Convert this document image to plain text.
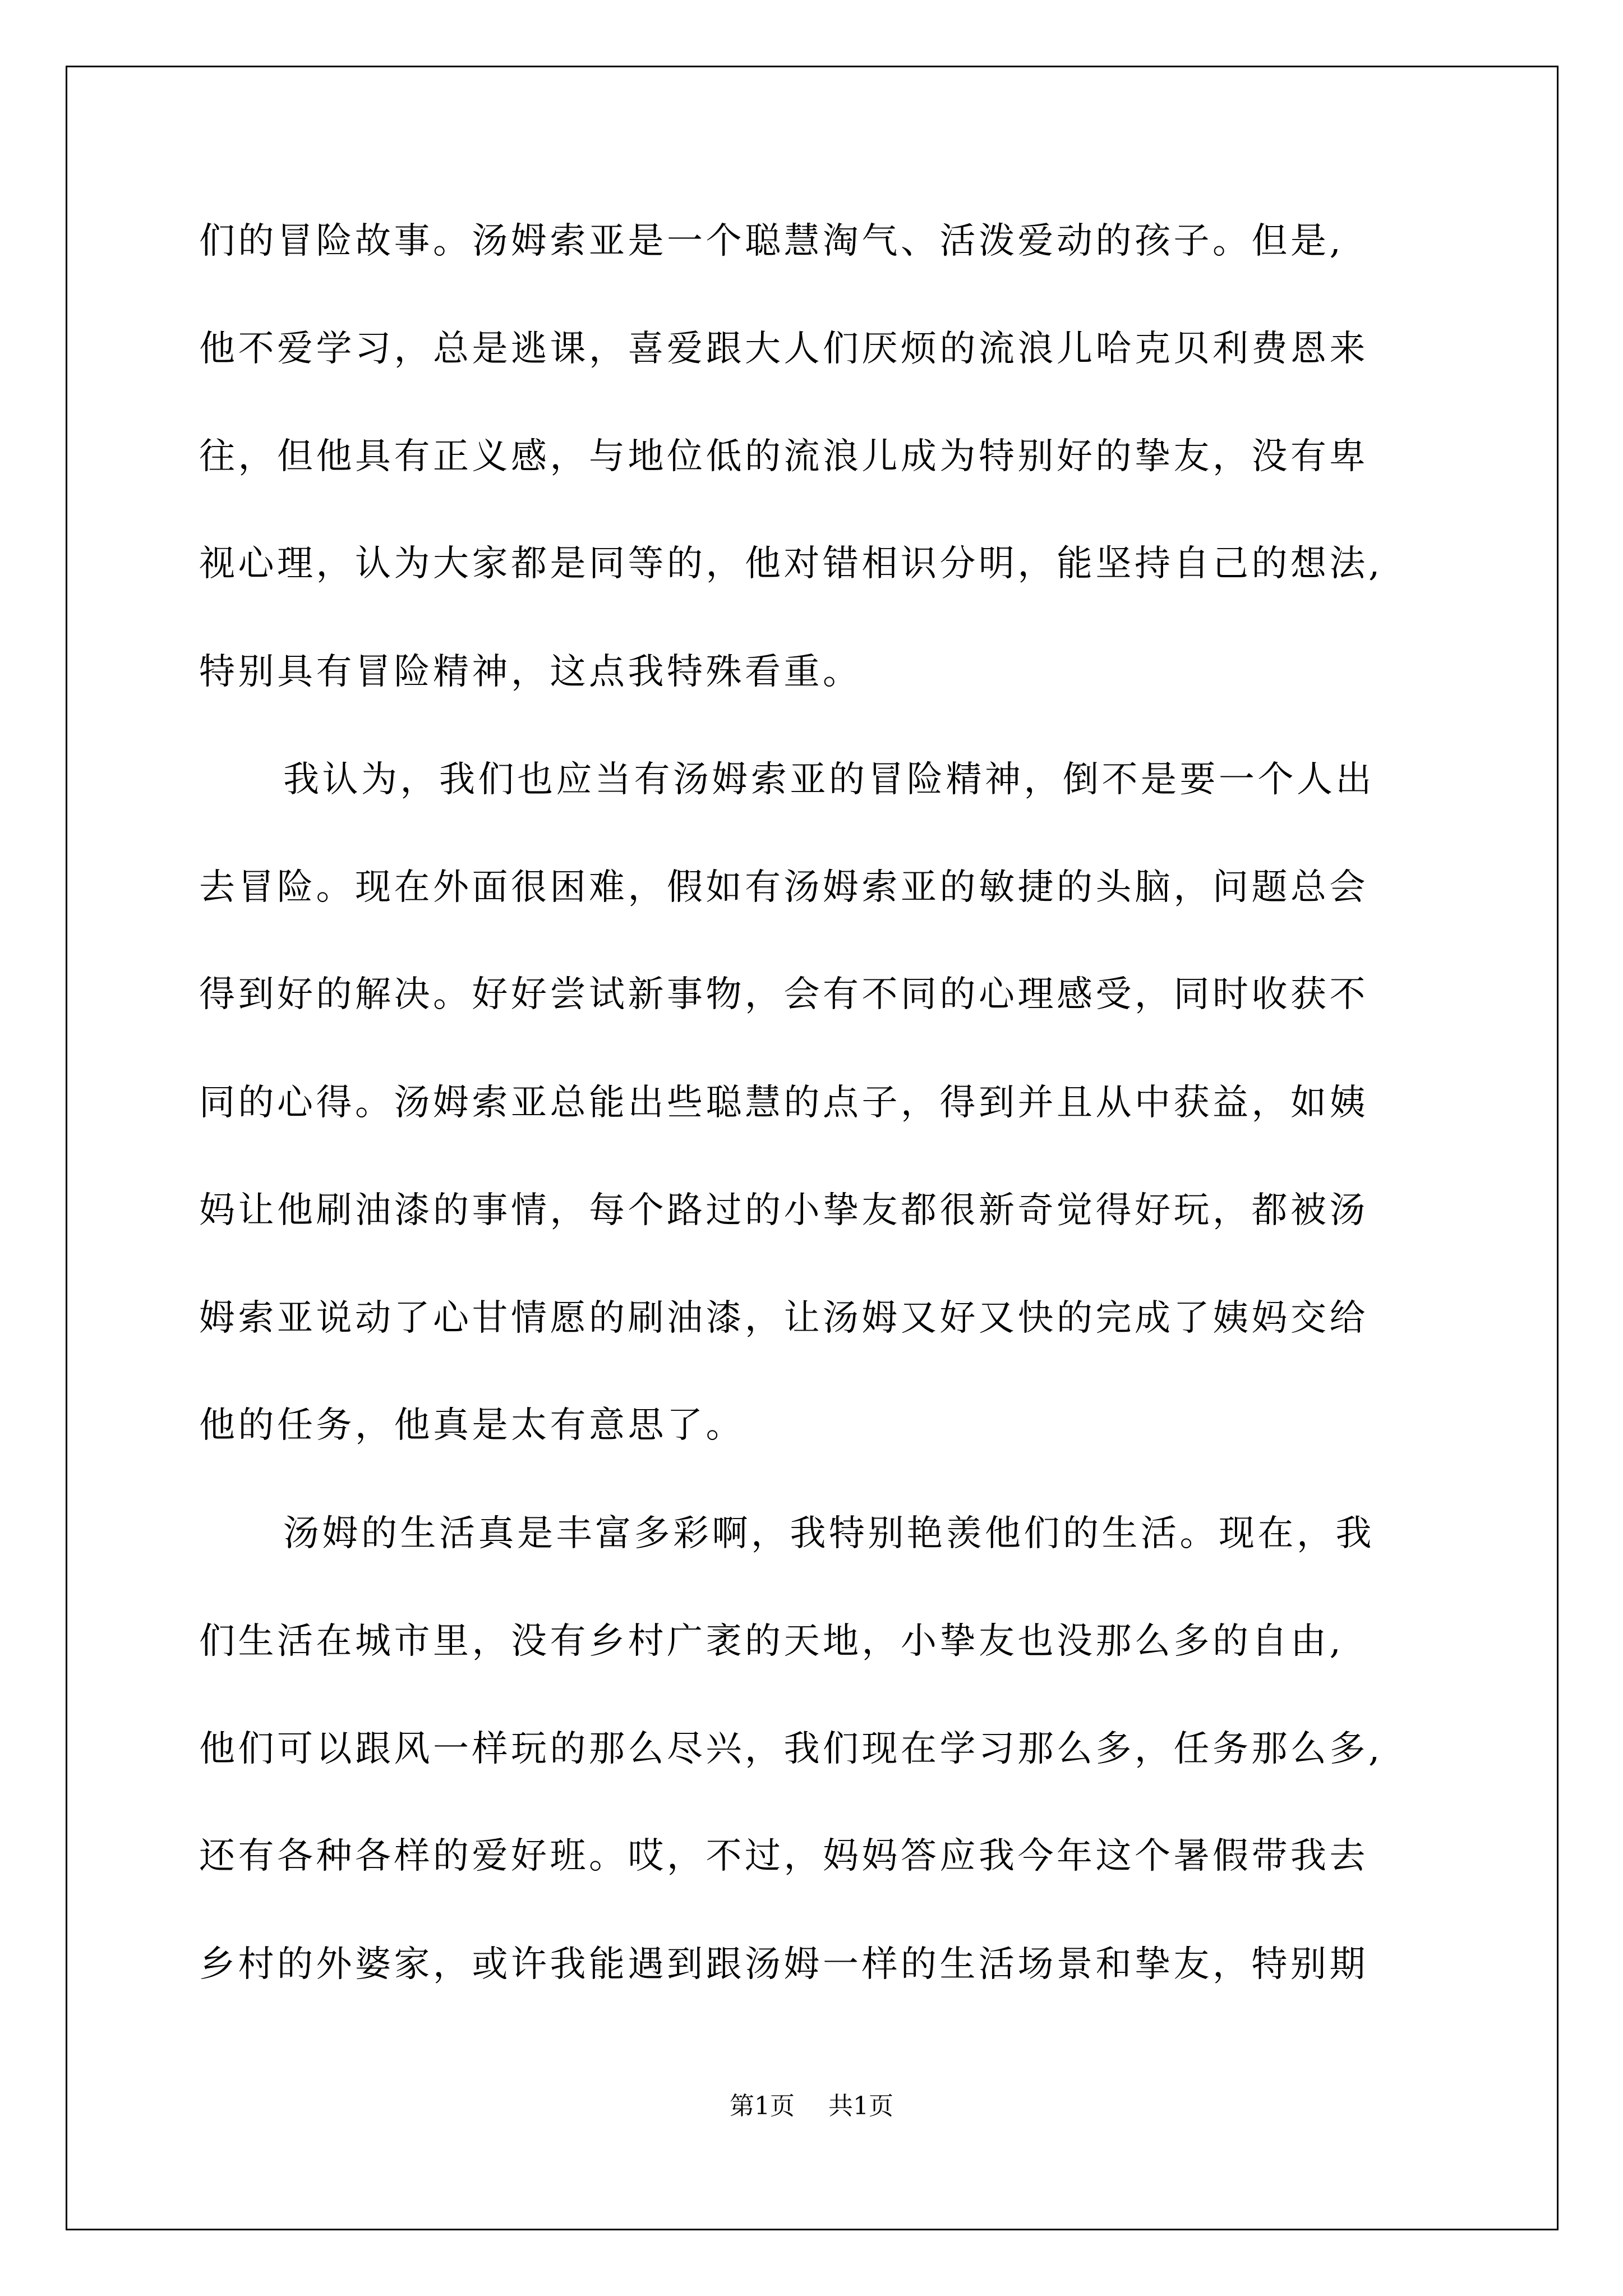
们的冒险故事。汤姆索亚是一个聪慧淘气、活泼爱动的孩子。但是,
他不爱学习，总是逃课，喜爱跟大人们厌烦的流浪儿哈克贝利费恩来
往，但他具有正义感，与地位低的流浪儿成为特别好的挚友，没有卑
视心理，认为大家都是同等的，他对错相识分明，能坚持自己的想法,
特别具有冒险精神，这点我特殊看重。
我认为，我们也应当有汤姆索亚的冒险精神，倒不是要一个人出
去冒险。现在外面很困难，假如有汤姆索亚的敏捷的头脑，问题总会
得到好的解决。好好尝试新事物，会有不同的心理感受，同时收获不
同的心得。汤姆索亚总能出些聪慧的点子，得到并且从中获益，如姨
妈让他刷油漆的事情，每个路过的小挚友都很新奇觉得好玩，都被汤
姆索亚说动了心甘情愿的刷油漆，让汤姆又好又快的完成了姨妈交给
他的任务，他真是太有意思了。
汤姆的生活真是丰富多彩啊，我特别艳羡他们的生活。现在，我
们生活在城市里，没有乡村广袤的天地，小挚友也没那么多的自由,
他们可以跟风一样玩的那么尽兴，我们现在学习那么多，任务那么多,
还有各种各样的爱好班。哎，不过，妈妈答应我今年这个暑假带我去
乡村的外婆家，或许我能遇到跟汤姆一样的生活场景和挚友，特别期
第1页 共1页
